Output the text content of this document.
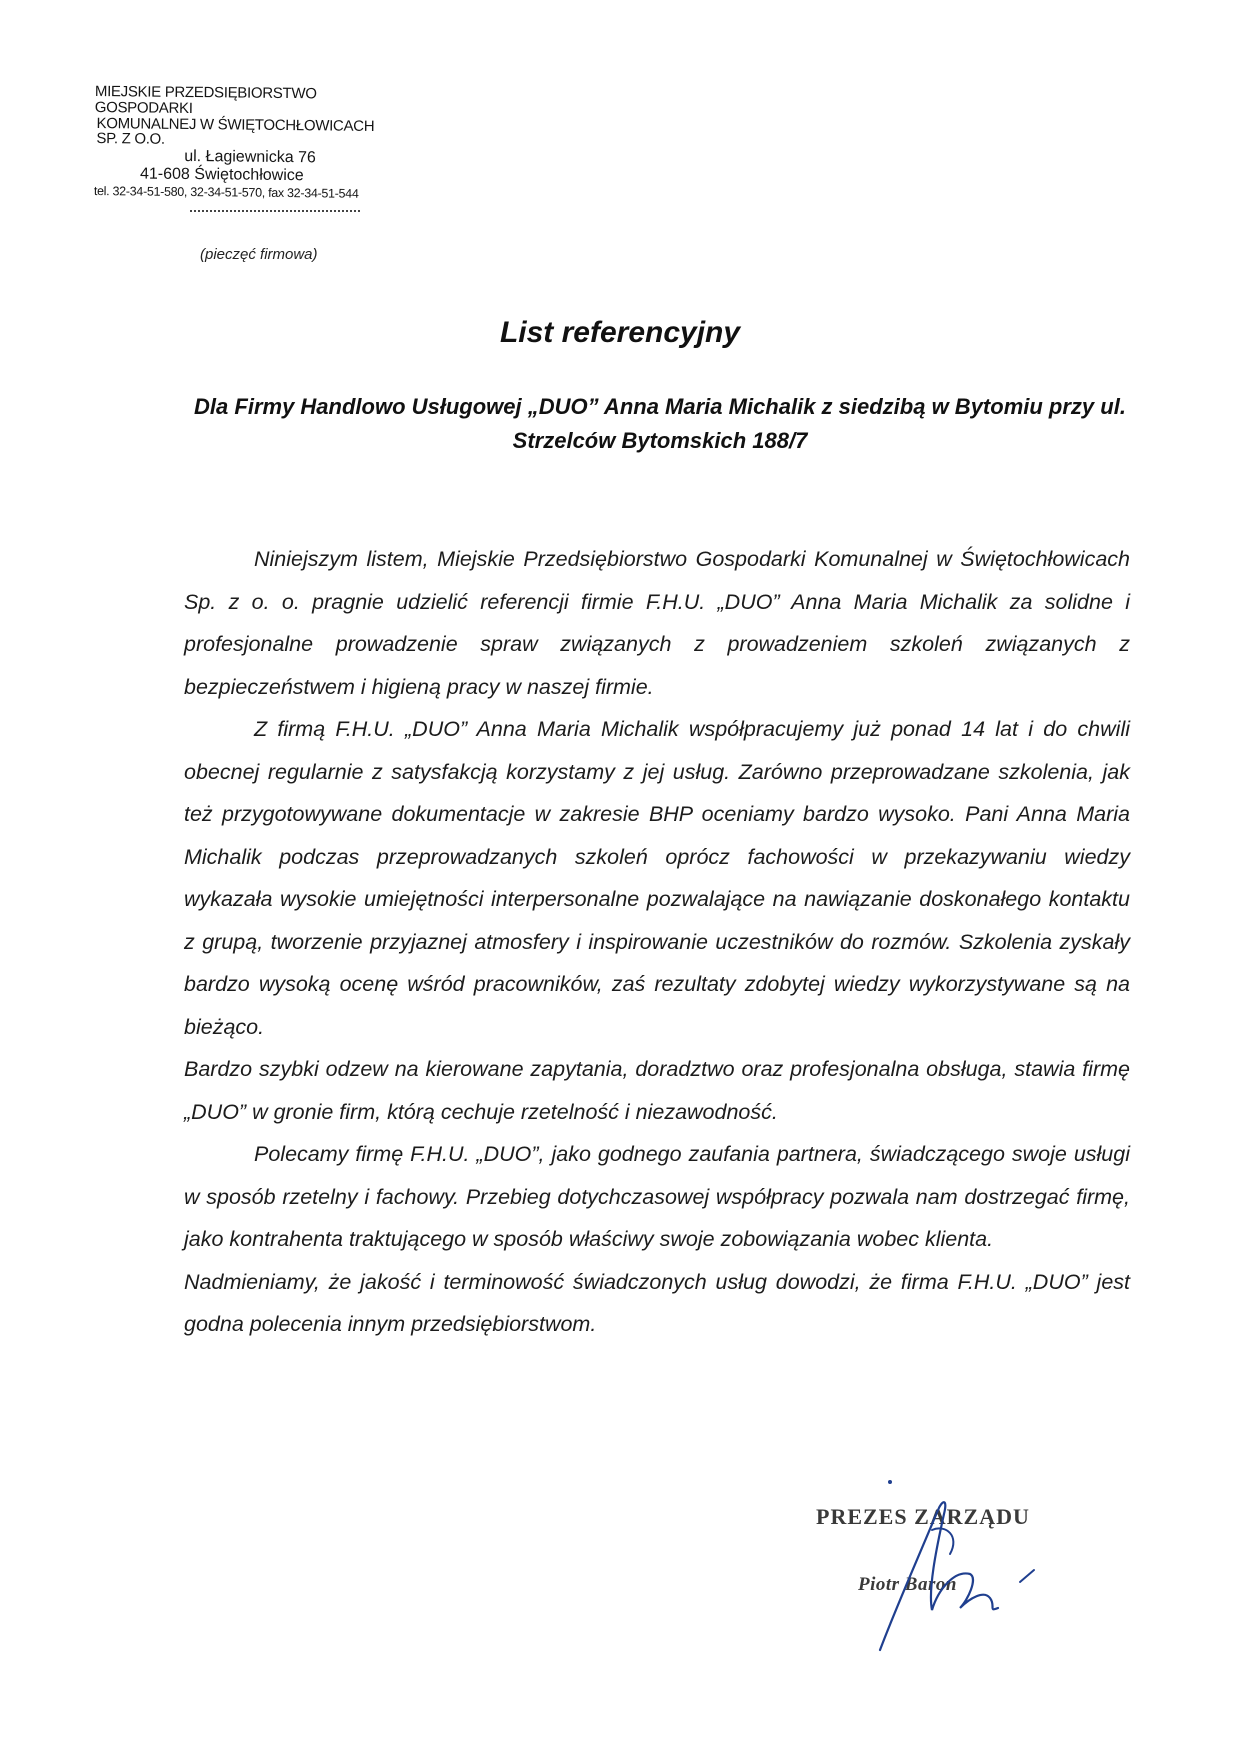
MIEJSKIE PRZEDSIĘBIORSTWO GOSPODARKI
KOMUNALNEJ W ŚWIĘTOCHŁOWICACH SP. Z O.O.
ul. Łagiewnicka 76
41-608 Świętochłowice
tel. 32-34-51-580, 32-34-51-570, fax 32-34-51-544
(pieczęć firmowa)
List referencyjny
Dla Firmy Handlowo Usługowej „DUO” Anna Maria Michalik z siedzibą w Bytomiu przy ul. Strzelców Bytomskich 188/7

Niniejszym listem, Miejskie Przedsiębiorstwo Gospodarki Komunalnej w Świętochłowicach Sp. z o. o. pragnie udzielić referencji firmie F.H.U. „DUO” Anna Maria Michalik za solidne i profesjonalne prowadzenie spraw związanych z prowadzeniem szkoleń związanych z bezpieczeństwem i higieną pracy w naszej firmie.

Z firmą F.H.U. „DUO” Anna Maria Michalik współpracujemy już ponad 14 lat i do chwili obecnej regularnie z satysfakcją korzystamy z jej usług. Zarówno przeprowadzane szkolenia, jak też przygotowywane dokumentacje w zakresie BHP oceniamy bardzo wysoko. Pani Anna Maria Michalik podczas przeprowadzanych szkoleń oprócz fachowości w przekazywaniu wiedzy wykazała wysokie umiejętności interpersonalne pozwalające na nawiązanie doskonałego kontaktu z grupą, tworzenie przyjaznej atmosfery i inspirowanie uczestników do rozmów. Szkolenia zyskały bardzo wysoką ocenę wśród pracowników, zaś rezultaty zdobytej wiedzy wykorzystywane są na bieżąco.

Bardzo szybki odzew na kierowane zapytania, doradztwo oraz profesjonalna obsługa, stawia firmę „DUO” w gronie firm, którą cechuje rzetelność i niezawodność.

Polecamy firmę F.H.U. „DUO”, jako godnego zaufania partnera, świadczącego swoje usługi w sposób rzetelny i fachowy. Przebieg dotychczasowej współpracy pozwala nam dostrzegać firmę, jako kontrahenta traktującego w sposób właściwy swoje zobowiązania wobec klienta.

Nadmieniamy, że jakość i terminowość świadczonych usług dowodzi, że firma F.H.U. „DUO” jest godna polecenia innym przedsiębiorstwom.

PREZES ZARZĄDU
Piotr Baron
